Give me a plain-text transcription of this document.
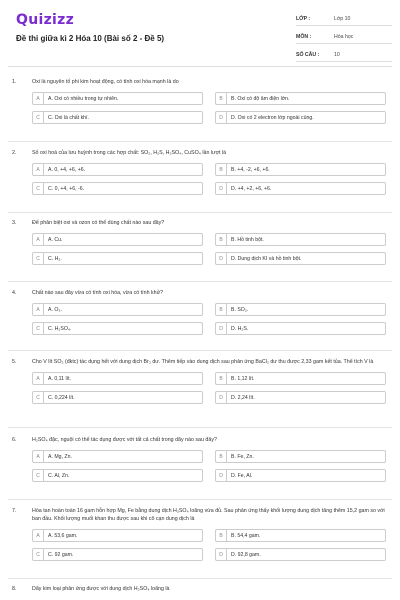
Quizizz
Đề thi giữa kì 2 Hóa 10 (Bài số 2 - Đề 5)
LỚP :	Lớp 10
MÔN :	Hóa học
SỐ CÂU :	10
1.	Oxi là nguyên tố phi kim hoạt động, có tính oxi hóa mạnh là do
A	A. Oxi có nhiều trong tự nhiên.	B	B. Oxi có độ âm điện lớn.
C	C. Oxi là chất khí.	D	D. Oxi có 2 electron lớp ngoài cùng.
2.	Số oxi hoá của lưu huỳnh trong các hợp chất: SO₂, H₂S, H₂SO₄, CuSO₄ lần lượt là
A	A. 0, +4, +6, +6.	B	B. +4, -2, +6, +6.
C	C. 0, +4, +6, -6.	D	D. +4, +2, +6, +6.
3.	Để phân biệt oxi và ozon có thể dùng chất nào sau đây?
A	A. Cu.	B	B. Hồ tinh bột.
C	C. H₂.	D	D. Dung dịch KI và hồ tinh bột.
4.	Chất nào sau đây vừa có tính oxi hóa, vừa có tính khử?
A	A. O₃.	B	B. SO₂.
C	C. H₂SO₄.	D	D. H₂S.
5.	Cho V lít SO₂ (đktc) tác dụng hết với dung dịch Br₂ dư. Thêm tiếp vào dung dịch sau phản ứng BaCl₂ dư thu được 2,33 gam kết tủa. Thể tích V là
A	A. 0,11 lít.	B	B. 1,12 lít.
C	C. 0,224 lít.	D	D. 2,24 lít.
6.	H₂SO₄ đặc, nguội có thể tác dụng được với tất cả chất trong dãy nào sau đây?
A	A. Mg, Zn.	B	B. Fe, Zn.
C	C. Al, Zn.	D	D. Fe, Al.
7.	Hòa tan hoàn toàn 16 gam hỗn hợp Mg, Fe bằng dung dịch H₂SO₄ loãng vừa đủ. Sau phản ứng thấy khối lượng dung dịch tăng thêm 15,2 gam so với ban đầu. Khối lượng muối khan thu được sau khi cô cạn dung dịch là
A	A. 53,6 gam.	B	B. 54,4 gam.
C	C. 92 gam.	D	D. 92,8 gam.
8.	Dãy kim loại phản ứng được với dung dịch H₂SO₄ loãng là
